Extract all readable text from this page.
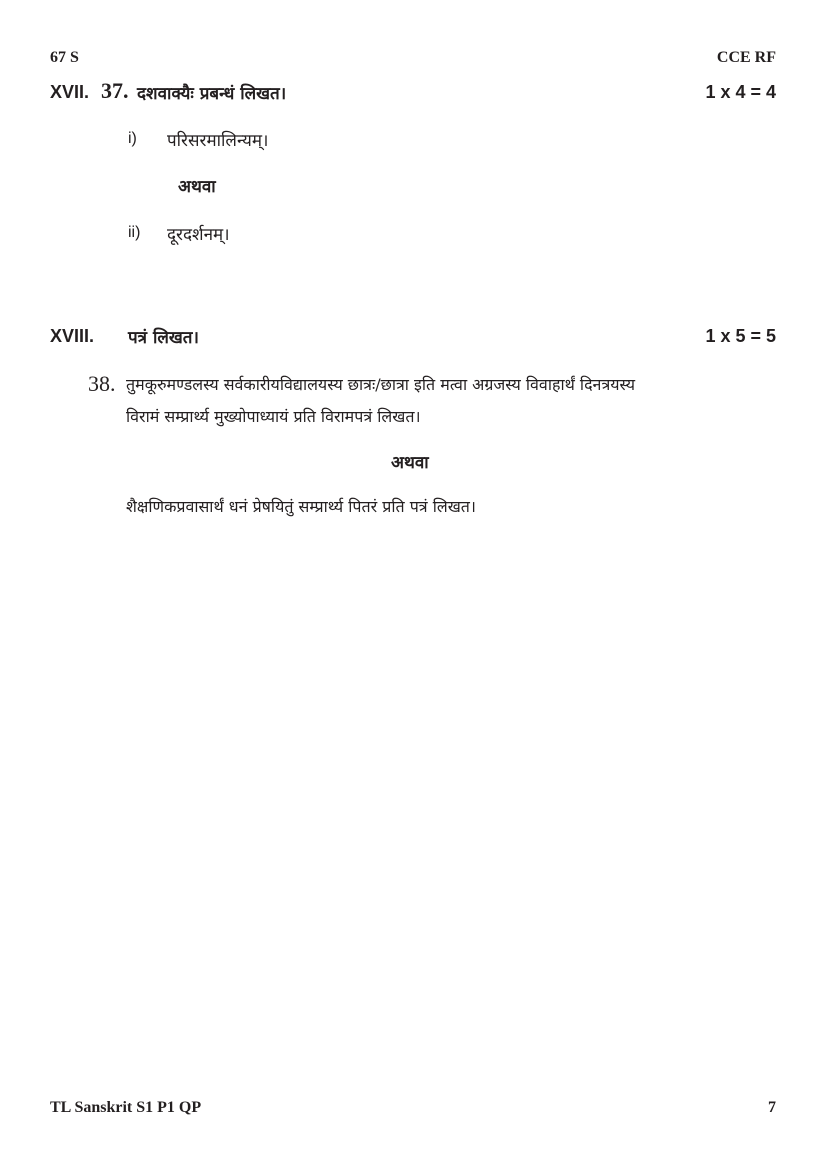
67 S	CCE RF
XVII. 37. दशवाक्यैः प्रबन्धं लिखत।	1 x 4 = 4
i) परिसरमालिन्यम्।
अथवा
ii) दूरदर्शनम्।
XVIII. पत्रं लिखत।	1 x 5 = 5
38. तुमकूरुमण्डलस्य सर्वकारीयविद्यालयस्य छात्रः/छात्रा इति मत्वा अग्रजस्य विवाहार्थं दिनत्रयस्य
विरामं सम्प्रार्थ्य मुख्योपाध्यायं प्रति विरामपत्रं लिखत।
अथवा
शैक्षणिकप्रवासार्थं धनं प्रेषयितुं सम्प्रार्थ्य पितरं प्रति पत्रं लिखत।
TL Sanskrit S1 P1 QP	7
